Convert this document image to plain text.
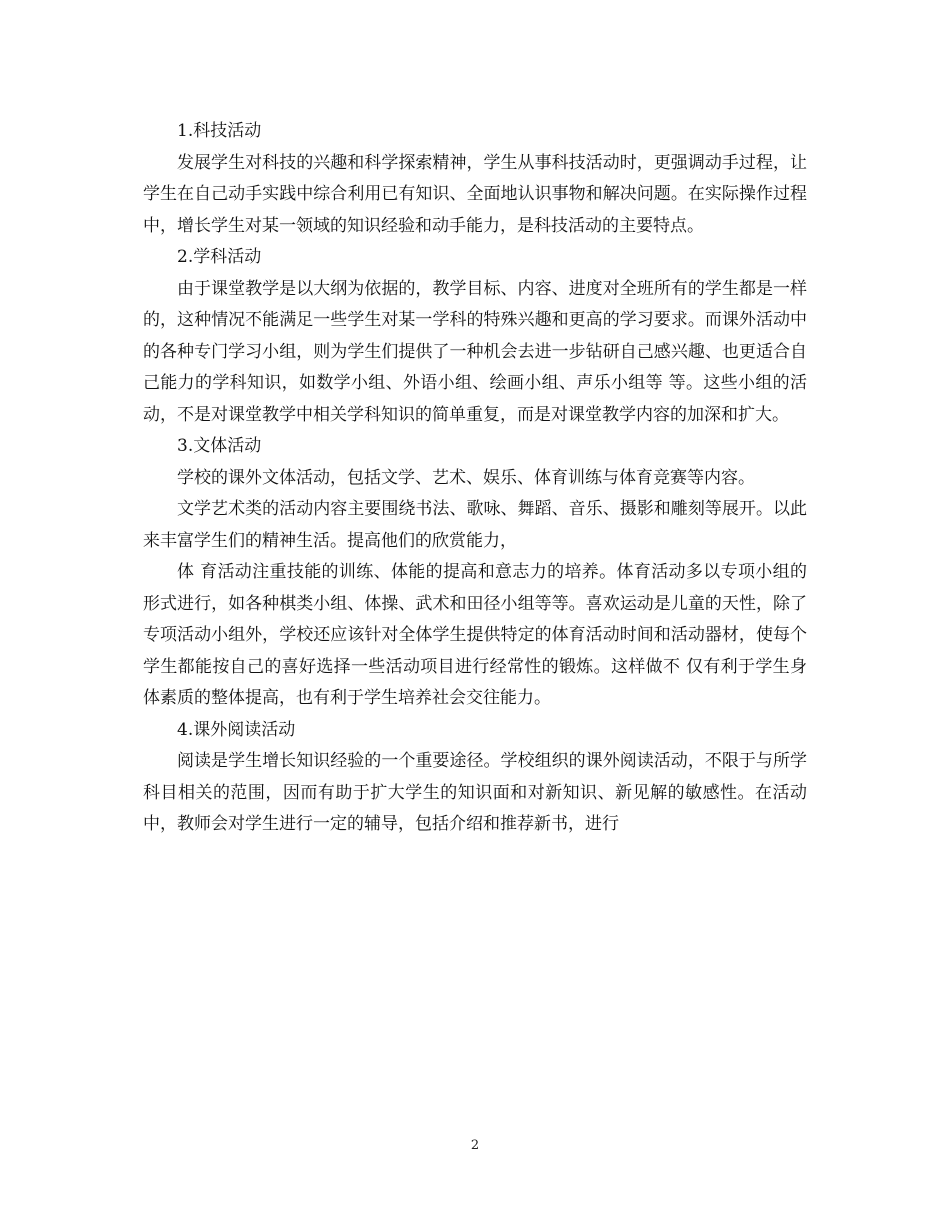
1.科技活动

发展学生对科技的兴趣和科学探索精神，学生从事科技活动时，更强调动手过程，让学生在自己动手实践中综合利用已有知识、全面地认识事物和解决问题。在实际操作过程中，增长学生对某一领域的知识经验和动手能力，是科技活动的主要特点。

2.学科活动

由于课堂教学是以大纲为依据的，教学目标、内容、进度对全班所有的学生都是一样的，这种情况不能满足一些学生对某一学科的特殊兴趣和更高的学习要求。而课外活动中的各种专门学习小组，则为学生们提供了一种机会去进一步钻研自己感兴趣、也更适合自己能力的学科知识，如数学小组、外语小组、绘画小组、声乐小组等 等。这些小组的活动，不是对课堂教学中相关学科知识的简单重复，而是对课堂教学内容的加深和扩大。

3.文体活动

学校的课外文体活动，包括文学、艺术、娱乐、体育训练与体育竞赛等内容。

文学艺术类的活动内容主要围绕书法、歌咏、舞蹈、音乐、摄影和雕刻等展开。以此来丰富学生们的精神生活。提高他们的欣赏能力，

体 育活动注重技能的训练、体能的提高和意志力的培养。体育活动多以专项小组的形式进行，如各种棋类小组、体操、武术和田径小组等等。喜欢运动是儿童的天性，除了专项活动小组外，学校还应该针对全体学生提供特定的体育活动时间和活动器材，使每个学生都能按自己的喜好选择一些活动项目进行经常性的锻炼。这样做不 仅有利于学生身体素质的整体提高，也有利于学生培养社会交往能力。

4.课外阅读活动

阅读是学生增长知识经验的一个重要途径。学校组织的课外阅读活动，不限于与所学科目相关的范围，因而有助于扩大学生的知识面和对新知识、新见解的敏感性。在活动中，教师会对学生进行一定的辅导，包括介绍和推荐新书，进行

2
